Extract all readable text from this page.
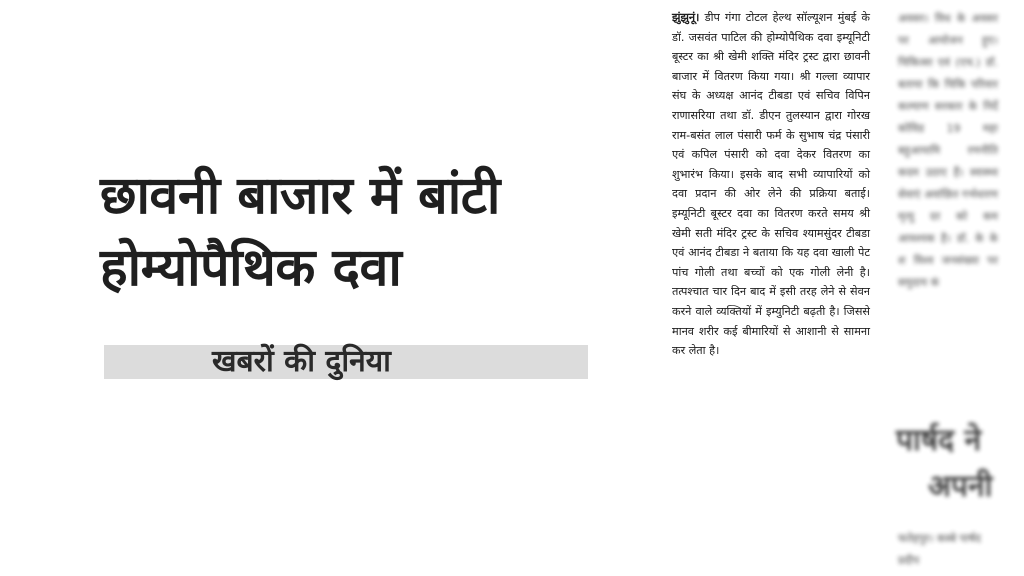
छावनी बाजार में बांटी
होम्योपैथिक दवा
खबरों की दुनिया

झुंझुनूं। डीप गंगा टोटल हेल्थ सॉल्यूशन मुंबई के डॉ. जसवंत पाटिल की होम्योपैथिक दवा इम्यूनिटी बूस्टर का श्री खेमी शक्ति मंदिर ट्रस्ट द्वारा छावनी बाजार में वितरण किया गया। श्री गल्ला व्यापार संघ के अध्यक्ष आनंद टीबडा एवं सचिव विपिन राणासरिया तथा डॉ. डीएन तुलस्यान द्वारा गोरख राम-बसंत लाल पंसारी फर्म के सुभाष चंद्र पंसारी एवं कपिल पंसारी को दवा देकर वितरण का शुभारंभ किया। इसके बाद सभी व्यापारियों को दवा प्रदान की ओर लेने की प्रक्रिया बताई। इम्यूनिटी बूस्टर दवा का वितरण करते समय श्री खेमी सती मंदिर ट्रस्ट के सचिव श्यामसुंदर टीबडा एवं आनंद टीबडा ने बताया कि यह दवा खाली पेट पांच गोली तथा बच्चों को एक गोली लेनी है। तत्पश्चात चार दिन बाद में इसी तरह लेने से सेवन करने वाले व्यक्तियों में इम्युनिटी बढ़ती है। जिससे मानव शरीर कई बीमारियों से आशानी से सामना कर लेता है।

अवसर। विध के अवसर पर आयोजन हुए। चिकित्सा एवं (एच.) डॉ. बताया कि चिकि परिवार कल्याण सरकार के निर्दे कोविड 19 महा बहुआयामि रणनीति कदम उठाए हैं। स्वास्थ्य सेवाएं अवांछित गर्भधारण मृत्यु दर को कम आवश्यक है। डॉ. के के श विश्व जनसंख्या पर समुदाय कं
पार्षद ने
अपनी
फतेहपुर। कस्बे पार्षद प्रदीप
